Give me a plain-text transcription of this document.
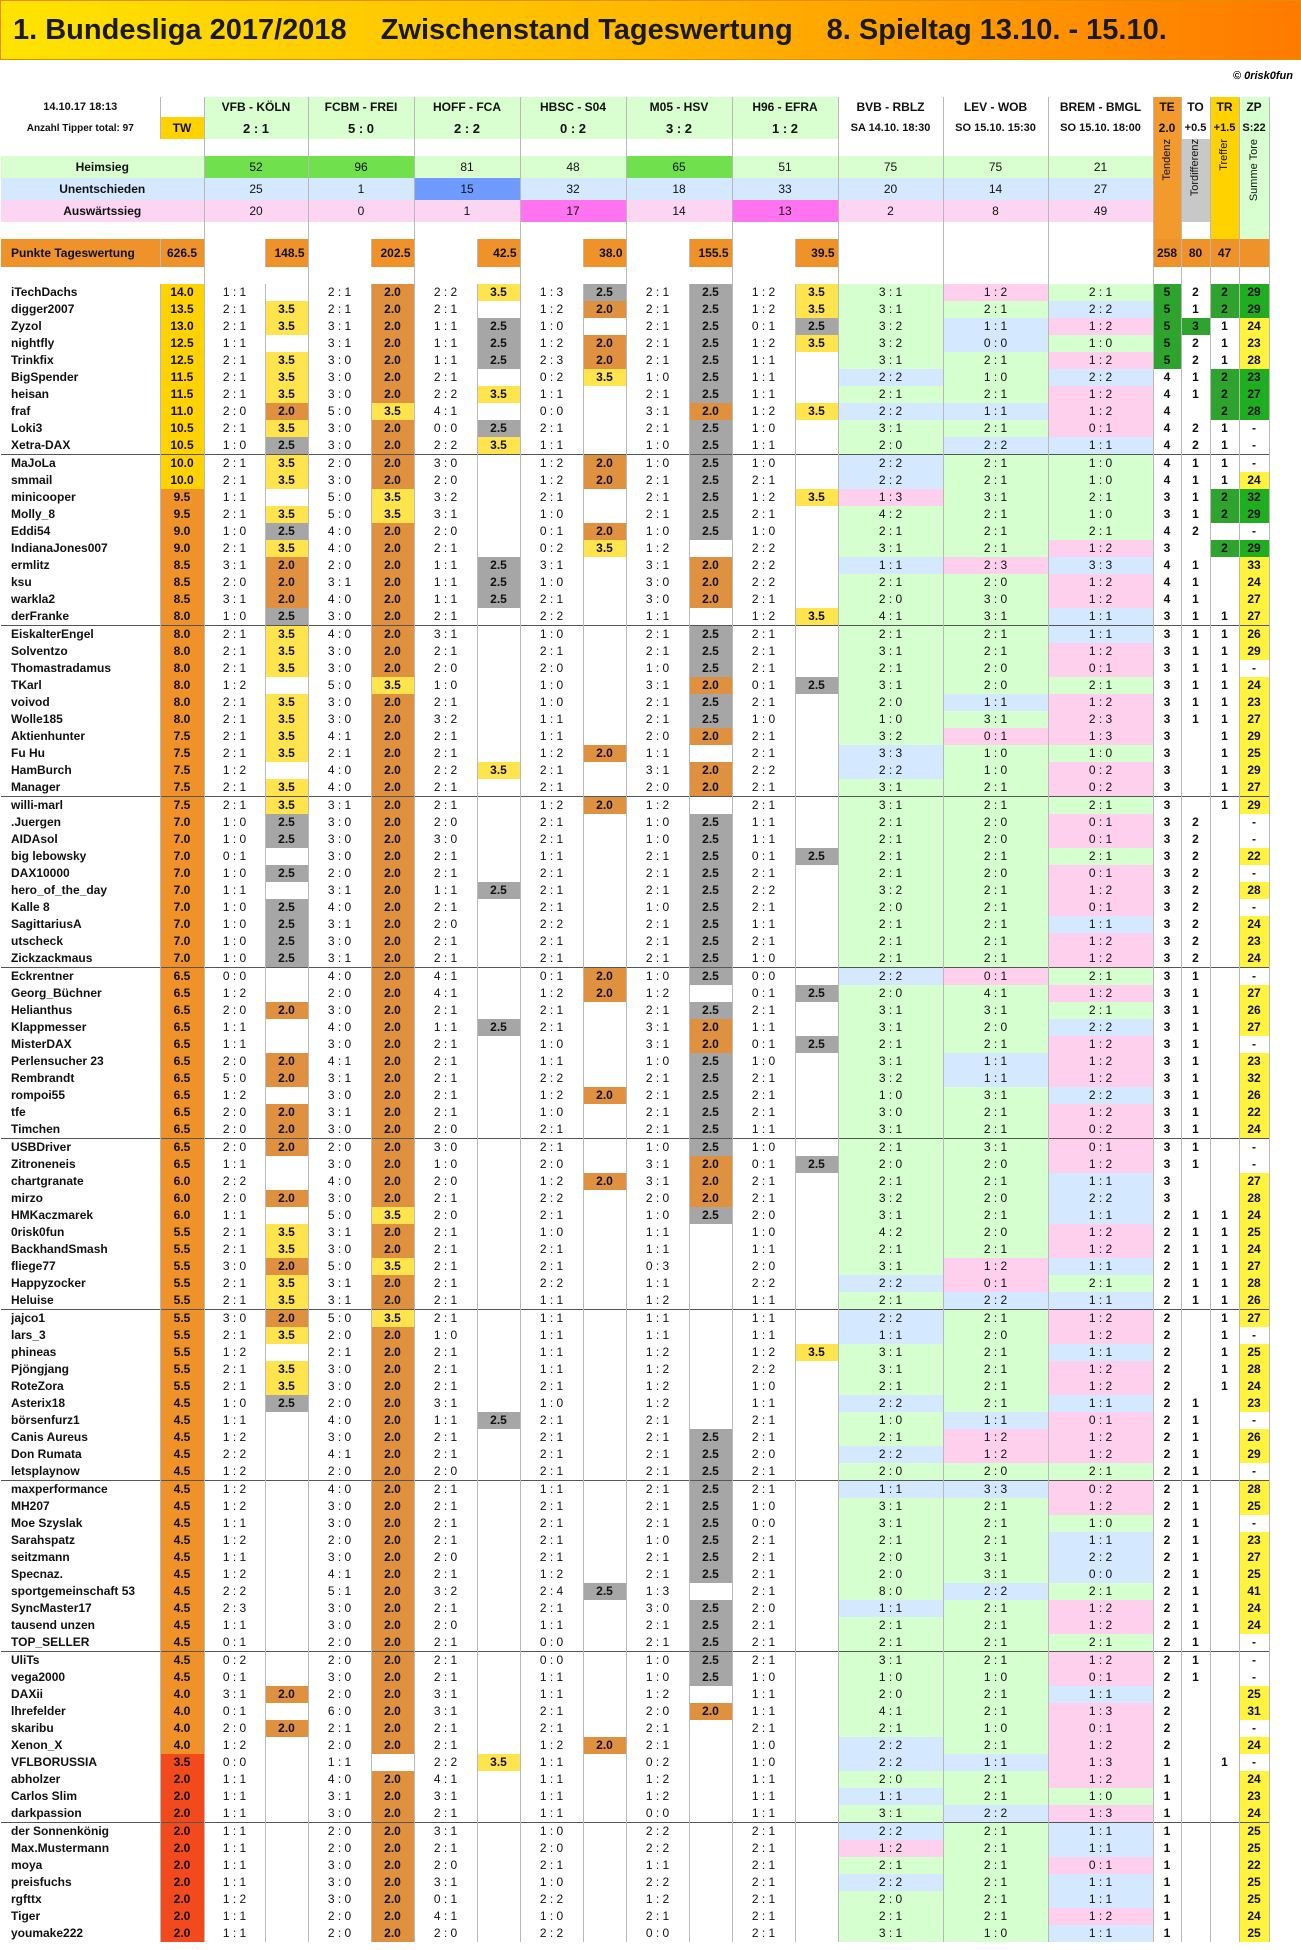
1. Bundesliga 2017/2018 Zwischenstand Tageswertung 8. Spieltag 13.10. - 15.10.
© 0risk0fun
14.10.17 18:13		VFB - KÖLN		FCBM - FREI		HOFF - FCA		HBSC - S04		M05 - HSV		H96 - EFRA		BVB - RBLZ	LEV - WOB	BREM - BMGL	TE	TO	TR	ZP
Anzahl Tipper total: 97	TW	2 : 1		5 : 0		2 : 2		0 : 2		3 : 2		1 : 2		SA 14.10. 18:30	SO 15.10. 15:30	SO 15.10. 18:00	2.0	+0.5	+1.5	S:22
																	Tendenz	Tordifferenz	Treffer	Summe Tore
Heimsieg		52		96		81		48		65		51		75	75	21				
Unentschieden		25		1		15		32		18		33		20	14	27				
Auswärtssieg		20		0		1		17		14		13		2	8	49				

Punkte Tageswertung	626.5		148.5		202.5		42.5		38.0		155.5		39.5				258	80	47	

iTechDachs	14.0	1 : 1		2 : 1	2.0	2 : 2	3.5	1 : 3	2.5	2 : 1	2.5	1 : 2	3.5	3 : 1	1 : 2	2 : 1	5	2	2	29
digger2007	13.5	2 : 1	3.5	2 : 1	2.0	2 : 1		1 : 2	2.0	2 : 1	2.5	1 : 2	3.5	3 : 1	2 : 1	2 : 2	5	1	2	29
Zyzol	13.0	2 : 1	3.5	3 : 1	2.0	1 : 1	2.5	1 : 0		2 : 1	2.5	0 : 1	2.5	3 : 2	1 : 1	1 : 2	5	3	1	24
nightfly	12.5	1 : 1		3 : 1	2.0	1 : 1	2.5	1 : 2	2.0	2 : 1	2.5	1 : 2	3.5	3 : 2	0 : 0	1 : 0	5	2	1	23
Trinkfix	12.5	2 : 1	3.5	3 : 0	2.0	1 : 1	2.5	2 : 3	2.0	2 : 1	2.5	1 : 1		3 : 1	2 : 1	1 : 2	5	2	1	28
BigSpender	11.5	2 : 1	3.5	3 : 0	2.0	2 : 1		0 : 2	3.5	1 : 0	2.5	1 : 1		2 : 2	1 : 0	2 : 2	4	1	2	23
heisan	11.5	2 : 1	3.5	3 : 0	2.0	2 : 2	3.5	1 : 1		2 : 1	2.5	1 : 1		2 : 1	2 : 1	1 : 2	4	1	2	27
fraf	11.0	2 : 0	2.0	5 : 0	3.5	4 : 1		0 : 0		3 : 1	2.0	1 : 2	3.5	2 : 2	1 : 1	1 : 2	4		2	28
Loki3	10.5	2 : 1	3.5	3 : 0	2.0	0 : 0	2.5	2 : 1		2 : 1	2.5	1 : 0		3 : 1	2 : 1	0 : 1	4	2	1	-
Xetra-DAX	10.5	1 : 0	2.5	3 : 0	2.0	2 : 2	3.5	1 : 1		1 : 0	2.5	1 : 1		2 : 0	2 : 2	1 : 1	4	2	1	-
MaJoLa	10.0	2 : 1	3.5	2 : 0	2.0	3 : 0		1 : 2	2.0	1 : 0	2.5	1 : 0		2 : 2	2 : 1	1 : 0	4	1	1	-
smmail	10.0	2 : 1	3.5	3 : 0	2.0	2 : 0		1 : 2	2.0	2 : 1	2.5	2 : 1		2 : 2	2 : 1	1 : 0	4	1	1	24
minicooper	9.5	1 : 1		5 : 0	3.5	3 : 2		2 : 1		2 : 1	2.5	1 : 2	3.5	1 : 3	3 : 1	2 : 1	3	1	2	32
Molly_8	9.5	2 : 1	3.5	5 : 0	3.5	3 : 1		1 : 0		2 : 1	2.5	2 : 1		4 : 2	2 : 1	1 : 0	3	1	2	29
Eddi54	9.0	1 : 0	2.5	4 : 0	2.0	2 : 0		0 : 1	2.0	1 : 0	2.5	1 : 0		2 : 1	2 : 1	2 : 1	4	2		-
IndianaJones007	9.0	2 : 1	3.5	4 : 0	2.0	2 : 1		0 : 2	3.5	1 : 2		2 : 2		3 : 1	2 : 1	1 : 2	3		2	29
ermlitz	8.5	3 : 1	2.0	2 : 0	2.0	1 : 1	2.5	3 : 1		3 : 1	2.0	2 : 2		1 : 1	2 : 3	3 : 3	4	1		33
ksu	8.5	2 : 0	2.0	3 : 1	2.0	1 : 1	2.5	1 : 0		3 : 0	2.0	2 : 2		2 : 1	2 : 0	1 : 2	4	1		24
warkla2	8.5	3 : 1	2.0	4 : 0	2.0	1 : 1	2.5	2 : 1		3 : 0	2.0	2 : 1		2 : 0	3 : 0	1 : 2	4	1		27
derFranke	8.0	1 : 0	2.5	3 : 0	2.0	2 : 1		2 : 2		1 : 1		1 : 2	3.5	4 : 1	3 : 1	1 : 1	3	1	1	27
EiskalterEngel	8.0	2 : 1	3.5	4 : 0	2.0	3 : 1		1 : 0		2 : 1	2.5	2 : 1		2 : 1	2 : 1	1 : 1	3	1	1	26
Solventzo	8.0	2 : 1	3.5	3 : 0	2.0	2 : 1		2 : 1		2 : 1	2.5	2 : 1		3 : 1	2 : 1	1 : 2	3	1	1	29
Thomastradamus	8.0	2 : 1	3.5	3 : 0	2.0	2 : 0		2 : 0		1 : 0	2.5	2 : 1		2 : 1	2 : 0	0 : 1	3	1	1	-
TKarl	8.0	1 : 2		5 : 0	3.5	1 : 0		1 : 0		3 : 1	2.0	0 : 1	2.5	3 : 1	2 : 0	2 : 1	3	1	1	24
voivod	8.0	2 : 1	3.5	3 : 0	2.0	2 : 1		1 : 0		2 : 1	2.5	2 : 1		2 : 0	1 : 1	1 : 2	3	1	1	23
Wolle185	8.0	2 : 1	3.5	3 : 0	2.0	3 : 2		1 : 1		2 : 1	2.5	1 : 0		1 : 0	3 : 1	2 : 3	3	1	1	27
Aktienhunter	7.5	2 : 1	3.5	4 : 1	2.0	2 : 1		1 : 1		2 : 0	2.0	2 : 1		3 : 2	0 : 1	1 : 3	3		1	29
Fu Hu	7.5	2 : 1	3.5	2 : 1	2.0	2 : 1		1 : 2	2.0	1 : 1		2 : 1		3 : 3	1 : 0	1 : 0	3		1	25
HamBurch	7.5	1 : 2		4 : 0	2.0	2 : 2	3.5	2 : 1		3 : 1	2.0	2 : 2		2 : 2	1 : 0	0 : 2	3		1	29
Manager	7.5	2 : 1	3.5	4 : 0	2.0	2 : 1		2 : 1		2 : 0	2.0	2 : 1		3 : 1	2 : 1	0 : 2	3		1	27
willi-marl	7.5	2 : 1	3.5	3 : 1	2.0	2 : 1		1 : 2	2.0	1 : 2		2 : 1		3 : 1	2 : 1	2 : 1	3		1	29
.Juergen	7.0	1 : 0	2.5	3 : 0	2.0	2 : 0		2 : 1		1 : 0	2.5	1 : 1		2 : 1	2 : 0	0 : 1	3	2		-
AIDAsol	7.0	1 : 0	2.5	3 : 0	2.0	3 : 0		2 : 1		1 : 0	2.5	1 : 1		2 : 1	2 : 0	0 : 1	3	2		-
big lebowsky	7.0	0 : 1		3 : 0	2.0	2 : 1		1 : 1		2 : 1	2.5	0 : 1	2.5	2 : 1	2 : 1	2 : 1	3	2		22
DAX10000	7.0	1 : 0	2.5	2 : 0	2.0	2 : 1		2 : 1		2 : 1	2.5	2 : 1		2 : 1	2 : 0	0 : 1	3	2		-
hero_of_the_day	7.0	1 : 1		3 : 1	2.0	1 : 1	2.5	2 : 1		2 : 1	2.5	2 : 2		3 : 2	2 : 1	1 : 2	3	2		28
Kalle 8	7.0	1 : 0	2.5	4 : 0	2.0	2 : 1		2 : 1		1 : 0	2.5	2 : 1		2 : 0	2 : 1	0 : 1	3	2		-
SagittariusA	7.0	1 : 0	2.5	3 : 1	2.0	2 : 0		2 : 2		2 : 1	2.5	1 : 1		2 : 1	2 : 1	1 : 1	3	2		24
utscheck	7.0	1 : 0	2.5	3 : 0	2.0	2 : 1		2 : 1		2 : 1	2.5	2 : 1		2 : 1	2 : 1	1 : 2	3	2		23
Zickzackmaus	7.0	1 : 0	2.5	3 : 1	2.0	2 : 1		2 : 1		2 : 1	2.5	1 : 0		2 : 1	2 : 1	1 : 2	3	2		24
Eckrentner	6.5	0 : 0		4 : 0	2.0	4 : 1		0 : 1	2.0	1 : 0	2.5	0 : 0		2 : 2	0 : 1	2 : 1	3	1		-
Georg_Büchner	6.5	1 : 2		2 : 0	2.0	4 : 1		1 : 2	2.0	1 : 2		0 : 1	2.5	2 : 0	4 : 1	1 : 2	3	1		27
Helianthus	6.5	2 : 0	2.0	3 : 0	2.0	2 : 1		2 : 1		2 : 1	2.5	2 : 1		3 : 1	3 : 1	2 : 1	3	1		26
Klappmesser	6.5	1 : 1		4 : 0	2.0	1 : 1	2.5	2 : 1		3 : 1	2.0	1 : 1		3 : 1	2 : 0	2 : 2	3	1		27
MisterDAX	6.5	1 : 1		3 : 0	2.0	2 : 1		1 : 0		3 : 1	2.0	0 : 1	2.5	2 : 1	2 : 1	1 : 2	3	1		-
Perlensucher 23	6.5	2 : 0	2.0	4 : 1	2.0	2 : 1		1 : 1		1 : 0	2.5	1 : 0		3 : 1	1 : 1	1 : 2	3	1		23
Rembrandt	6.5	5 : 0	2.0	3 : 1	2.0	2 : 1		2 : 2		2 : 1	2.5	2 : 1		3 : 2	1 : 1	1 : 2	3	1		32
rompoi55	6.5	1 : 2		3 : 0	2.0	2 : 1		1 : 2	2.0	2 : 1	2.5	2 : 1		1 : 0	3 : 1	2 : 2	3	1		26
tfe	6.5	2 : 0	2.0	3 : 1	2.0	2 : 1		1 : 0		2 : 1	2.5	2 : 1		3 : 0	2 : 1	1 : 2	3	1		22
Timchen	6.5	2 : 0	2.0	3 : 0	2.0	2 : 0		2 : 1		2 : 1	2.5	1 : 1		3 : 1	2 : 1	0 : 2	3	1		24
USBDriver	6.5	2 : 0	2.0	2 : 0	2.0	3 : 0		2 : 1		1 : 0	2.5	1 : 0		2 : 1	3 : 1	0 : 1	3	1		-
Zitroneneis	6.5	1 : 1		3 : 0	2.0	1 : 0		2 : 0		3 : 1	2.0	0 : 1	2.5	2 : 0	2 : 0	1 : 2	3	1		-
chartgranate	6.0	2 : 2		4 : 0	2.0	2 : 0		1 : 2	2.0	3 : 1	2.0	2 : 1		2 : 1	2 : 1	1 : 1	3			27
mirzo	6.0	2 : 0	2.0	3 : 0	2.0	2 : 1		2 : 2		2 : 0	2.0	2 : 1		3 : 2	2 : 0	2 : 2	3			28
HMKaczmarek	6.0	1 : 1		5 : 0	3.5	2 : 0		2 : 1		1 : 0	2.5	2 : 0		3 : 1	2 : 1	1 : 1	2	1	1	24
0risk0fun	5.5	2 : 1	3.5	3 : 1	2.0	2 : 1		1 : 0		1 : 1		1 : 0		4 : 2	2 : 0	1 : 2	2	1	1	25
BackhandSmash	5.5	2 : 1	3.5	3 : 0	2.0	2 : 1		2 : 1		1 : 1		1 : 1		2 : 1	2 : 1	1 : 2	2	1	1	24
fliege77	5.5	3 : 0	2.0	5 : 0	3.5	2 : 1		2 : 1		0 : 3		2 : 0		3 : 1	1 : 2	1 : 1	2	1	1	27
Happyzocker	5.5	2 : 1	3.5	3 : 1	2.0	2 : 1		2 : 2		1 : 1		2 : 2		2 : 2	0 : 1	2 : 1	2	1	1	28
Heluise	5.5	2 : 1	3.5	3 : 1	2.0	2 : 1		1 : 1		1 : 2		1 : 1		2 : 1	2 : 2	1 : 1	2	1	1	26
jajco1	5.5	3 : 0	2.0	5 : 0	3.5	2 : 1		1 : 1		1 : 1		1 : 1		2 : 2	2 : 1	1 : 2	2		1	27
lars_3	5.5	2 : 1	3.5	2 : 0	2.0	1 : 0		1 : 1		1 : 1		1 : 1		1 : 1	2 : 0	1 : 2	2		1	-
phineas	5.5	1 : 2		2 : 1	2.0	2 : 1		1 : 1		1 : 2		1 : 2	3.5	3 : 1	2 : 1	1 : 1	2		1	25
Pjöngjang	5.5	2 : 1	3.5	3 : 0	2.0	2 : 1		1 : 1		1 : 2		2 : 2		3 : 1	2 : 1	1 : 2	2		1	28
RoteZora	5.5	2 : 1	3.5	3 : 0	2.0	2 : 1		2 : 1		1 : 2		1 : 0		2 : 1	2 : 1	1 : 2	2		1	24
Asterix18	4.5	1 : 0	2.5	2 : 0	2.0	3 : 1		1 : 0		1 : 2		1 : 1		2 : 2	2 : 1	1 : 1	2	1		23
börsenfurz1	4.5	1 : 1		4 : 0	2.0	1 : 1	2.5	2 : 1		2 : 1		2 : 1		1 : 0	1 : 1	0 : 1	2	1		-
Canis Aureus	4.5	1 : 2		3 : 0	2.0	2 : 1		2 : 1		2 : 1	2.5	2 : 1		2 : 1	1 : 2	1 : 2	2	1		26
Don Rumata	4.5	2 : 2		4 : 1	2.0	2 : 1		2 : 1		2 : 1	2.5	2 : 0		2 : 2	1 : 2	1 : 2	2	1		29
letsplaynow	4.5	1 : 2		2 : 0	2.0	2 : 0		2 : 1		2 : 1	2.5	2 : 1		2 : 0	2 : 0	2 : 1	2	1		-
maxperformance	4.5	1 : 2		4 : 0	2.0	2 : 1		1 : 1		2 : 1	2.5	2 : 1		1 : 1	3 : 3	0 : 2	2	1		28
MH207	4.5	1 : 2		3 : 0	2.0	2 : 1		2 : 1		2 : 1	2.5	1 : 0		3 : 1	2 : 1	1 : 2	2	1		25
Moe Szyslak	4.5	1 : 1		3 : 0	2.0	2 : 1		2 : 1		2 : 1	2.5	0 : 0		3 : 1	2 : 1	1 : 0	2	1		-
Sarahspatz	4.5	1 : 2		2 : 0	2.0	2 : 1		2 : 1		1 : 0	2.5	2 : 1		2 : 1	2 : 1	1 : 1	2	1		23
seitzmann	4.5	1 : 1		3 : 0	2.0	2 : 0		2 : 1		2 : 1	2.5	2 : 1		2 : 0	3 : 1	2 : 2	2	1		27
Specnaz.	4.5	1 : 2		4 : 1	2.0	2 : 1		1 : 2		2 : 1	2.5	2 : 1		2 : 0	3 : 1	0 : 0	2	1		25
sportgemeinschaft 53	4.5	2 : 2		5 : 1	2.0	3 : 2		2 : 4	2.5	1 : 3		2 : 1		8 : 0	2 : 2	2 : 1	2	1		41
SyncMaster17	4.5	2 : 3		3 : 0	2.0	2 : 1		2 : 1		3 : 0	2.5	2 : 0		1 : 1	2 : 1	1 : 2	2	1		24
tausend unzen	4.5	1 : 1		3 : 0	2.0	2 : 0		1 : 1		2 : 1	2.5	2 : 1		2 : 1	2 : 1	1 : 2	2	1		24
TOP_SELLER	4.5	0 : 1		2 : 0	2.0	2 : 1		0 : 0		2 : 1	2.5	2 : 1		2 : 1	2 : 1	2 : 1	2	1		-
UliTs	4.5	0 : 2		2 : 0	2.0	2 : 1		0 : 0		1 : 0	2.5	2 : 1		3 : 1	2 : 1	1 : 2	2	1		-
vega2000	4.5	0 : 1		3 : 0	2.0	2 : 1		1 : 1		1 : 0	2.5	1 : 0		1 : 0	1 : 0	0 : 1	2	1		-
DAXii	4.0	3 : 1	2.0	2 : 0	2.0	3 : 1		1 : 1		1 : 2		1 : 1		2 : 0	2 : 1	1 : 1	2			25
lhrefelder	4.0	0 : 1		6 : 0	2.0	3 : 1		2 : 1		2 : 0	2.0	1 : 1		4 : 1	2 : 1	1 : 3	2			31
skaribu	4.0	2 : 0	2.0	2 : 1	2.0	2 : 1		2 : 1		2 : 1		2 : 1		2 : 1	1 : 0	0 : 1	2			-
Xenon_X	4.0	1 : 2		2 : 0	2.0	2 : 1		1 : 2	2.0	2 : 1		1 : 0		2 : 2	2 : 1	1 : 2	2			24
VFLBORUSSIA	3.5	0 : 0		1 : 1		2 : 2	3.5	1 : 1		0 : 2		1 : 0		2 : 2	1 : 1	1 : 3	1		1	-
abholzer	2.0	1 : 1		4 : 0	2.0	4 : 1		1 : 1		1 : 2		1 : 1		2 : 0	2 : 1	1 : 2	1			24
Carlos Slim	2.0	1 : 1		3 : 1	2.0	3 : 1		1 : 1		1 : 2		1 : 1		1 : 1	2 : 1	1 : 0	1			23
darkpassion	2.0	1 : 1		3 : 0	2.0	2 : 1		1 : 1		0 : 0		1 : 1		3 : 1	2 : 2	1 : 3	1			24
der Sonnenkönig	2.0	1 : 1		2 : 0	2.0	3 : 1		1 : 0		2 : 2		2 : 1		2 : 2	2 : 1	1 : 1	1			25
Max.Mustermann	2.0	1 : 1		2 : 0	2.0	2 : 1		2 : 0		2 : 2		2 : 1		1 : 2	2 : 1	1 : 1	1			25
moya	2.0	1 : 1		3 : 0	2.0	2 : 0		2 : 1		1 : 1		2 : 1		2 : 1	2 : 1	0 : 1	1			22
preisfuchs	2.0	1 : 1		3 : 0	2.0	3 : 1		1 : 0		2 : 2		2 : 1		2 : 2	2 : 1	1 : 1	1			25
rgfttx	2.0	1 : 2		3 : 0	2.0	0 : 1		2 : 2		1 : 2		2 : 1		2 : 0	2 : 1	1 : 1	1			25
Tiger	2.0	1 : 1		2 : 0	2.0	4 : 1		1 : 0		2 : 1		2 : 1		2 : 1	2 : 1	1 : 2	1			24
youmake222	2.0	1 : 1		2 : 0	2.0	2 : 0		2 : 2		0 : 0		2 : 1		3 : 1	1 : 0	1 : 1	1			25
